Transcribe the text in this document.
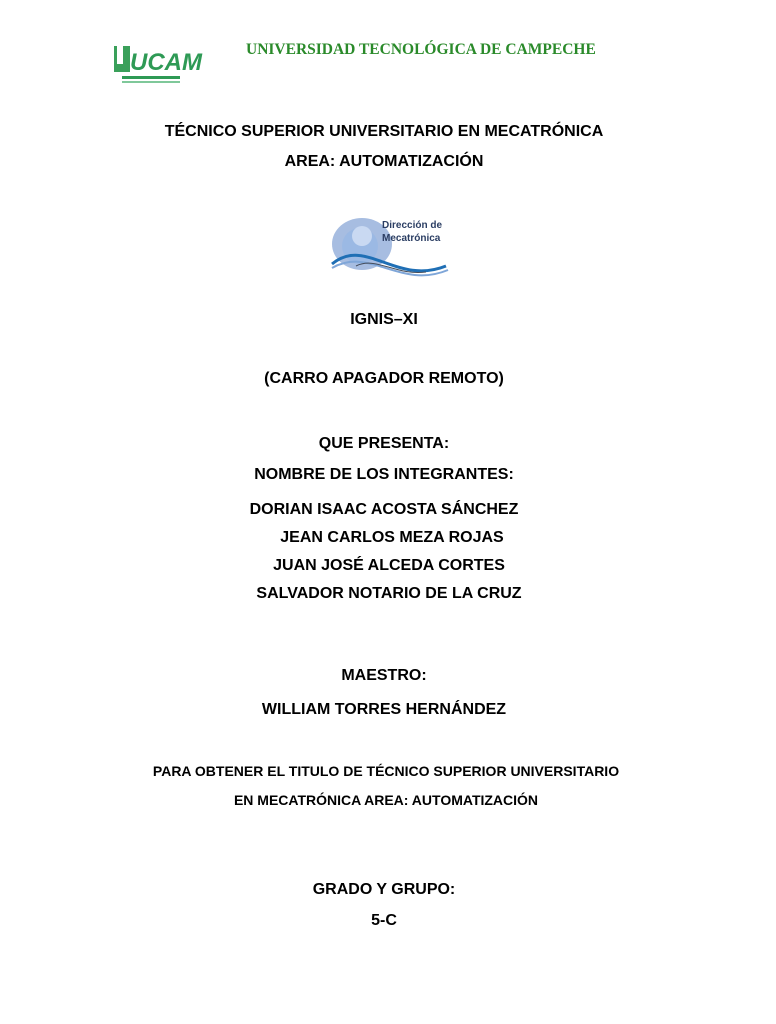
UCAM	UNIVERSIDAD TECNOLÓGICA DE CAMPECHE
TÉCNICO SUPERIOR UNIVERSITARIO EN MECATRÓNICA
AREA: AUTOMATIZACIÓN
Dirección de
Mecatrónica
IGNIS–XI
(CARRO APAGADOR REMOTO)
QUE PRESENTA:
NOMBRE DE LOS INTEGRANTES:
DORIAN ISAAC ACOSTA SÁNCHEZ
JEAN CARLOS MEZA ROJAS
JUAN JOSÉ ALCEDA CORTES
SALVADOR NOTARIO DE LA CRUZ
MAESTRO:
WILLIAM TORRES HERNÁNDEZ
PARA OBTENER EL TITULO DE TÉCNICO SUPERIOR UNIVERSITARIO
EN MECATRÓNICA AREA: AUTOMATIZACIÓN
GRADO Y GRUPO:
5-C
